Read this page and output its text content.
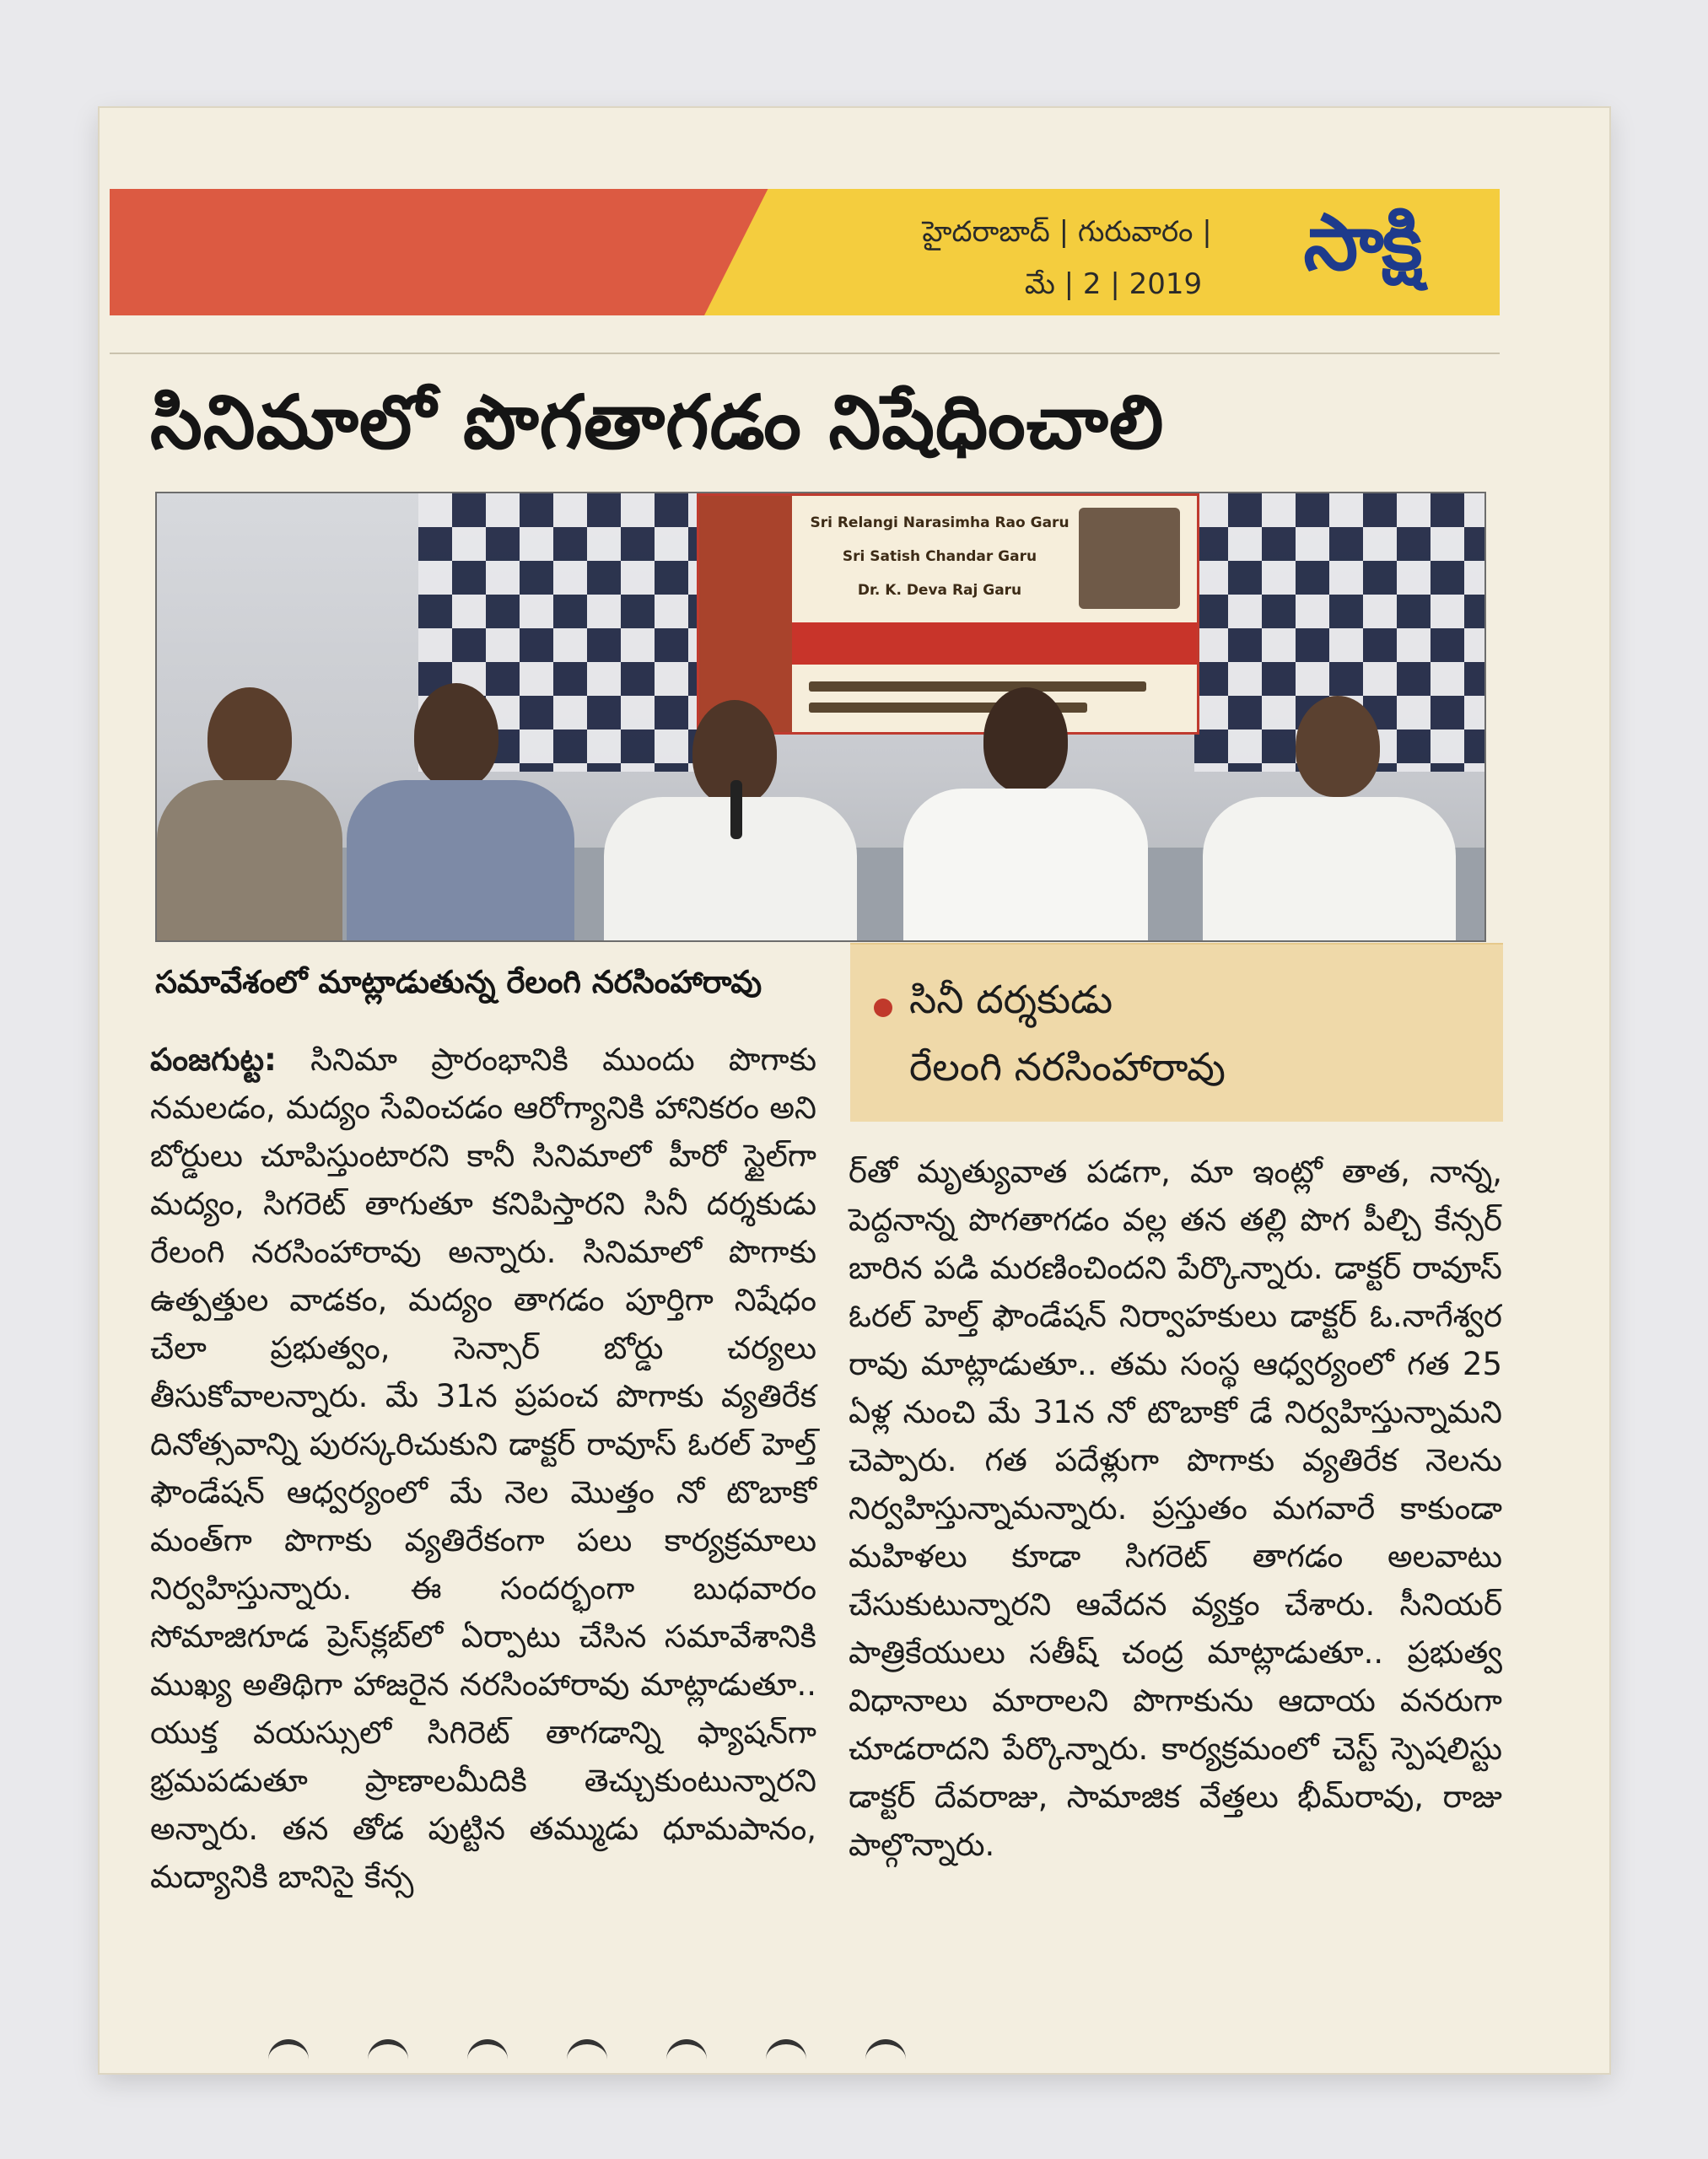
హైదరాబాద్ | గురువారం |
మే | 2 | 2019	సాక్షి
సినిమాలో పొగతాగడం నిషేధించాలి
Sri Relangi Narasimha Rao Garu
Sri Satish Chandar Garu
Dr. K. Deva Raj Garu
సమావేశంలో మాట్లాడుతున్న రేలంగి నరసింహారావు

పంజగుట్ట: సినిమా ప్రారంభానికి ముందు పొగాకు నమలడం, మద్యం సేవించడం ఆరోగ్యానికి హానికరం అని బోర్డులు చూపిస్తుంటారని కానీ సినిమాలో హీరో స్టైల్‌గా మద్యం, సిగరెట్ తాగుతూ కనిపిస్తారని సినీ దర్శకుడు రేలంగి నరసింహారావు అన్నారు. సినిమాలో పొగాకు ఉత్పత్తుల వాడకం, మద్యం తాగడం పూర్తిగా నిషేధం చేలా ప్రభుత్వం, సెన్సార్ బోర్డు చర్యలు తీసుకోవాలన్నారు. మే 31న ప్రపంచ పొగాకు వ్యతిరేక దినోత్సవాన్ని పురస్కరిచుకుని డాక్టర్ రావూస్ ఓరల్ హెల్త్ ఫౌండేషన్ ఆధ్వర్యంలో మే నెల మొత్తం నో టొబాకో మంత్‌గా పొగాకు వ్యతిరేకంగా పలు కార్యక్రమాలు నిర్వహిస్తున్నారు. ఈ సందర్భంగా బుధవారం సోమాజిగూడ ప్రెస్‌క్లబ్‌లో ఏర్పాటు చేసిన సమావేశానికి ముఖ్య అతిథిగా హాజరైన నరసింహారావు మాట్లాడుతూ.. యుక్త వయస్సులో సిగిరెట్ తాగడాన్ని ఫ్యాషన్‌గా భ్రమపడుతూ ప్రాణాలమీదికి తెచ్చుకుంటున్నారని అన్నారు. తన తోడ పుట్టిన తమ్ముడు ధూమపానం, మద్యానికి బానిసై కేన్స

సినీ దర్శకుడు
రేలంగి నరసింహారావు

ర్‌తో మృత్యువాత పడగా, మా ఇంట్లో తాత, నాన్న, పెద్దనాన్న పొగతాగడం వల్ల తన తల్లి పొగ పీల్చి కేన్సర్ బారిన పడి మరణించిందని పేర్కొన్నారు. డాక్టర్ రావూస్ ఓరల్ హెల్త్ ఫౌండేషన్ నిర్వాహకులు డాక్టర్ ఓ.నాగేశ్వర రావు మాట్లాడుతూ.. తమ సంస్థ ఆధ్వర్యంలో గత 25 ఏళ్ల నుంచి మే 31న నో టొబాకో డే నిర్వహిస్తున్నామని చెప్పారు. గత పదేళ్లుగా పొగాకు వ్యతిరేక నెలను నిర్వహిస్తున్నామన్నారు. ప్రస్తుతం మగవారే కాకుండా మహిళలు కూడా సిగరెట్ తాగడం అలవాటు చేసుకుటున్నారని ఆవేదన వ్యక్తం చేశారు. సీనియర్ పాత్రికేయులు సతీష్ చంద్ర మాట్లాడుతూ.. ప్రభుత్వ విధానాలు మారాలని పొగాకును ఆదాయ వనరుగా చూడరాదని పేర్కొన్నారు. కార్యక్రమంలో చెస్ట్ స్పెషలిస్టు డాక్టర్ దేవరాజు, సామాజిక వేత్తలు భీమ్‌రావు, రాజు పాల్గొన్నారు.
